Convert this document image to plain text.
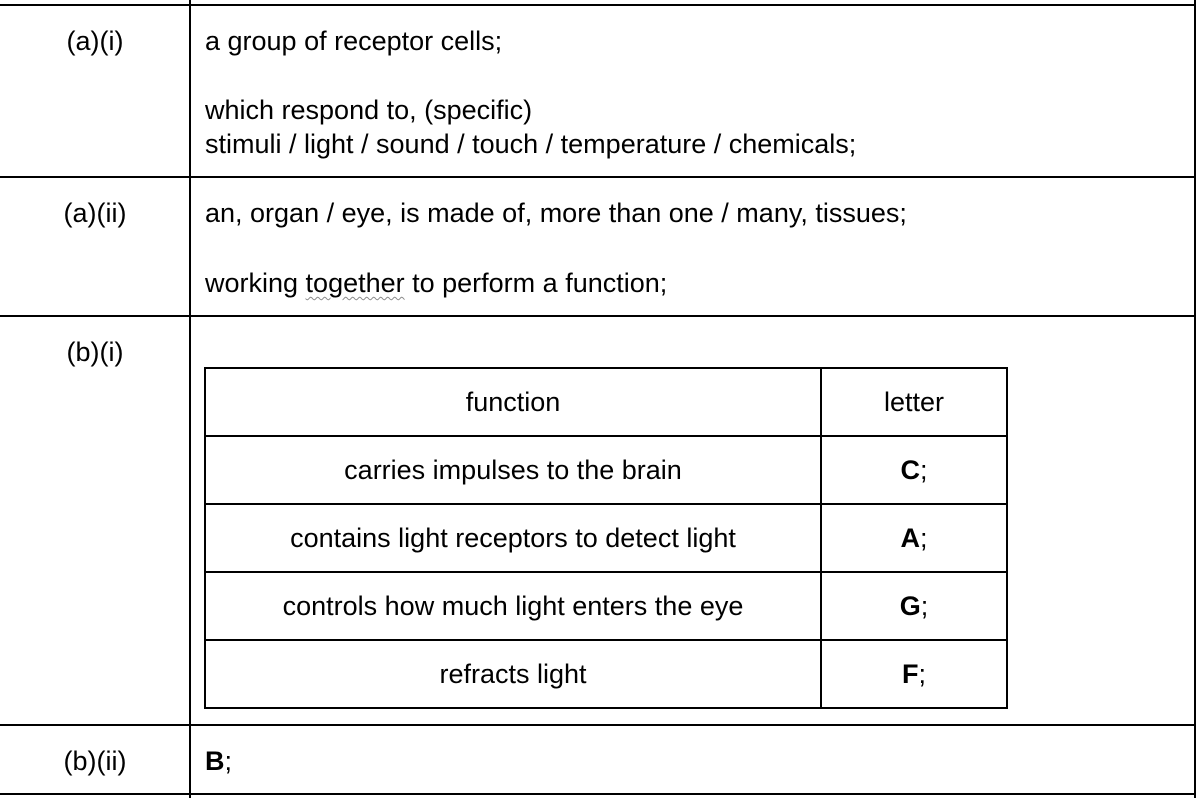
(a)(i)	a group of receptor cells;
which respond to, (specific)
stimuli / light / sound / touch / temperature / chemicals;
(a)(ii)	an, organ / eye, is made of, more than one / many, tissues;
working together to perform a function;
(b)(i)
function	letter
carries impulses to the brain	C;
contains light receptors to detect light	A;
controls how much light enters the eye	G;
refracts light	F;
(b)(ii)	B;
